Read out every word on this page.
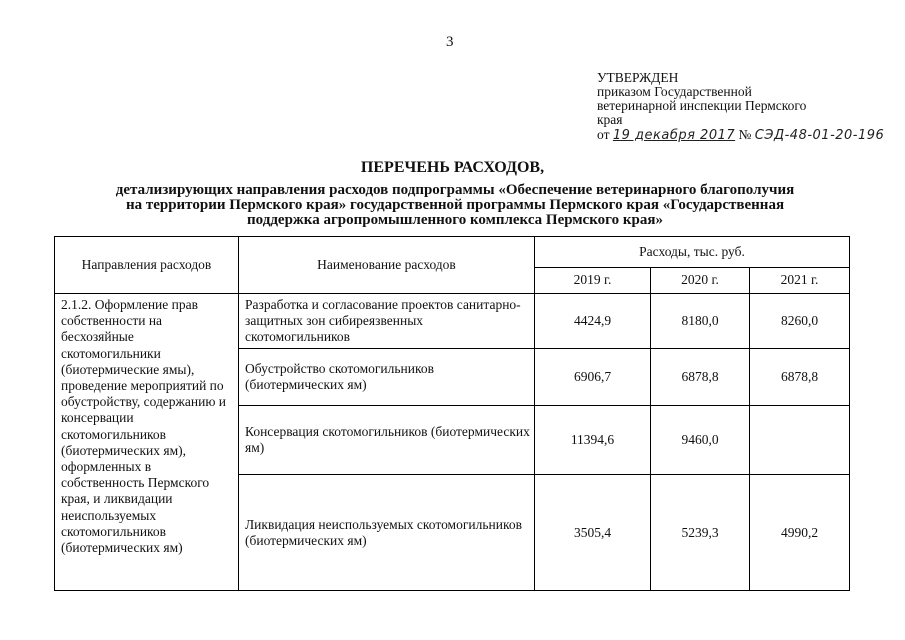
3
УТВЕРЖДЕН
приказом Государственной
ветеринарной инспекции Пермского
края
от 19 декабря 2017 № СЭД-48-01-20-196
ПЕРЕЧЕНЬ РАСХОДОВ,
детализирующих направления расходов подпрограммы «Обеспечение ветеринарного благополучия
на территории Пермского края» государственной программы Пермского края «Государственная
поддержка агропромышленного комплекса Пермского края»
Направления расходов	Наименование расходов	Расходы, тыс. руб.		
		2019 г.	2020 г.	2021 г.
2.1.2. Оформление прав собственности на бесхозяйные скотомогильники (биотермические ямы), проведение мероприятий по обустройству, содержанию и консервации скотомогильников (биотермических ям), оформленных в собственность Пермского края, и ликвидации неиспользуемых скотомогильников (биотермических ям)	Разработка и согласование проектов санитарно-защитных зон сибиреязвенных скотомогильников	4424,9	8180,0	8260,0
	Обустройство скотомогильников (биотермических ям)	6906,7	6878,8	6878,8
	Консервация скотомогильников (биотермических ям)	11394,6	9460,0	
	Ликвидация неиспользуемых скотомогильников (биотермических ям)	3505,4	5239,3	4990,2
